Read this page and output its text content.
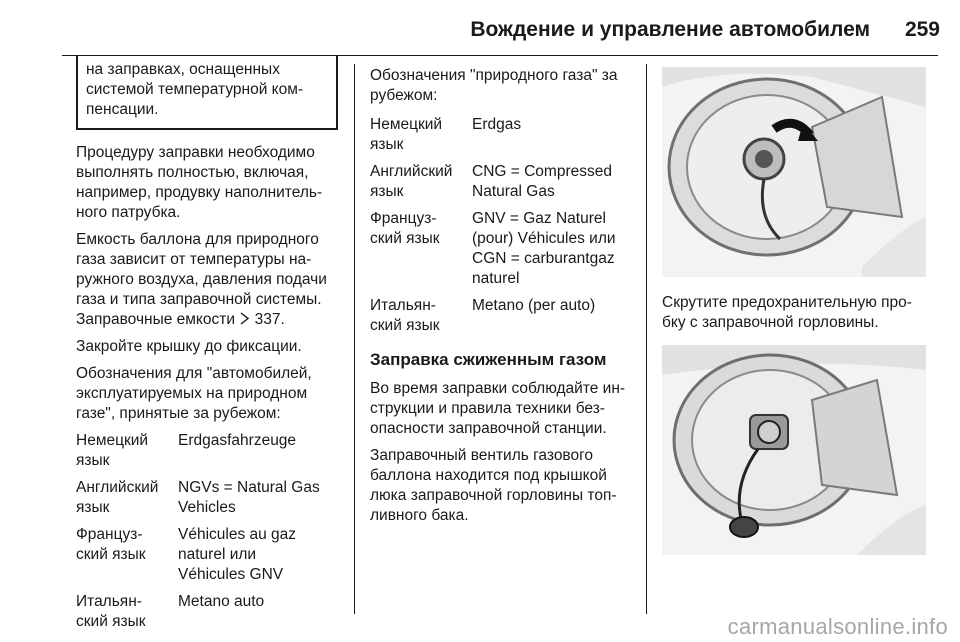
Вождение и управление автомобилем	259
на заправках, оснащенных
системой температурной ком-
пенсации.

Процедуру заправки необходимо
выполнять полностью, включая,
например, продувку наполнитель-
ного патрубка.

Емкость баллона для природного
газа зависит от температуры на-
ружного воздуха, давления подачи
газа и типа заправочной системы.
Заправочные емкости 337.

Закройте крышку до фиксации.

Обозначения для "автомобилей,
эксплуатируемых на природном
газе", принятые за рубежом:

Немецкий
язык
Erdgasfahrzeuge
Английский
язык
NGVs = Natural Gas
Vehicles
Француз-
ский язык
Véhicules au gaz
naturel или
Véhicules GNV
Итальян-
ский язык
Metano auto

Обозначения "природного газа" за
рубежом:

Немецкий
язык
Erdgas
Английский
язык
CNG = Compressed
Natural Gas
Француз-
ский язык
GNV = Gaz Naturel
(pour) Véhicules или
CGN = carburantgaz
naturel
Итальян-
ский язык
Metano (per auto)
Заправка сжиженным газом

Во время заправки соблюдайте ин-
струкции и правила техники без-
опасности заправочной станции.

Заправочный вентиль газового
баллона находится под крышкой
люка заправочной горловины топ-
ливного бака.

Скрутите предохранительную про-
бку с заправочной горловины.

carmanualsonline.info
